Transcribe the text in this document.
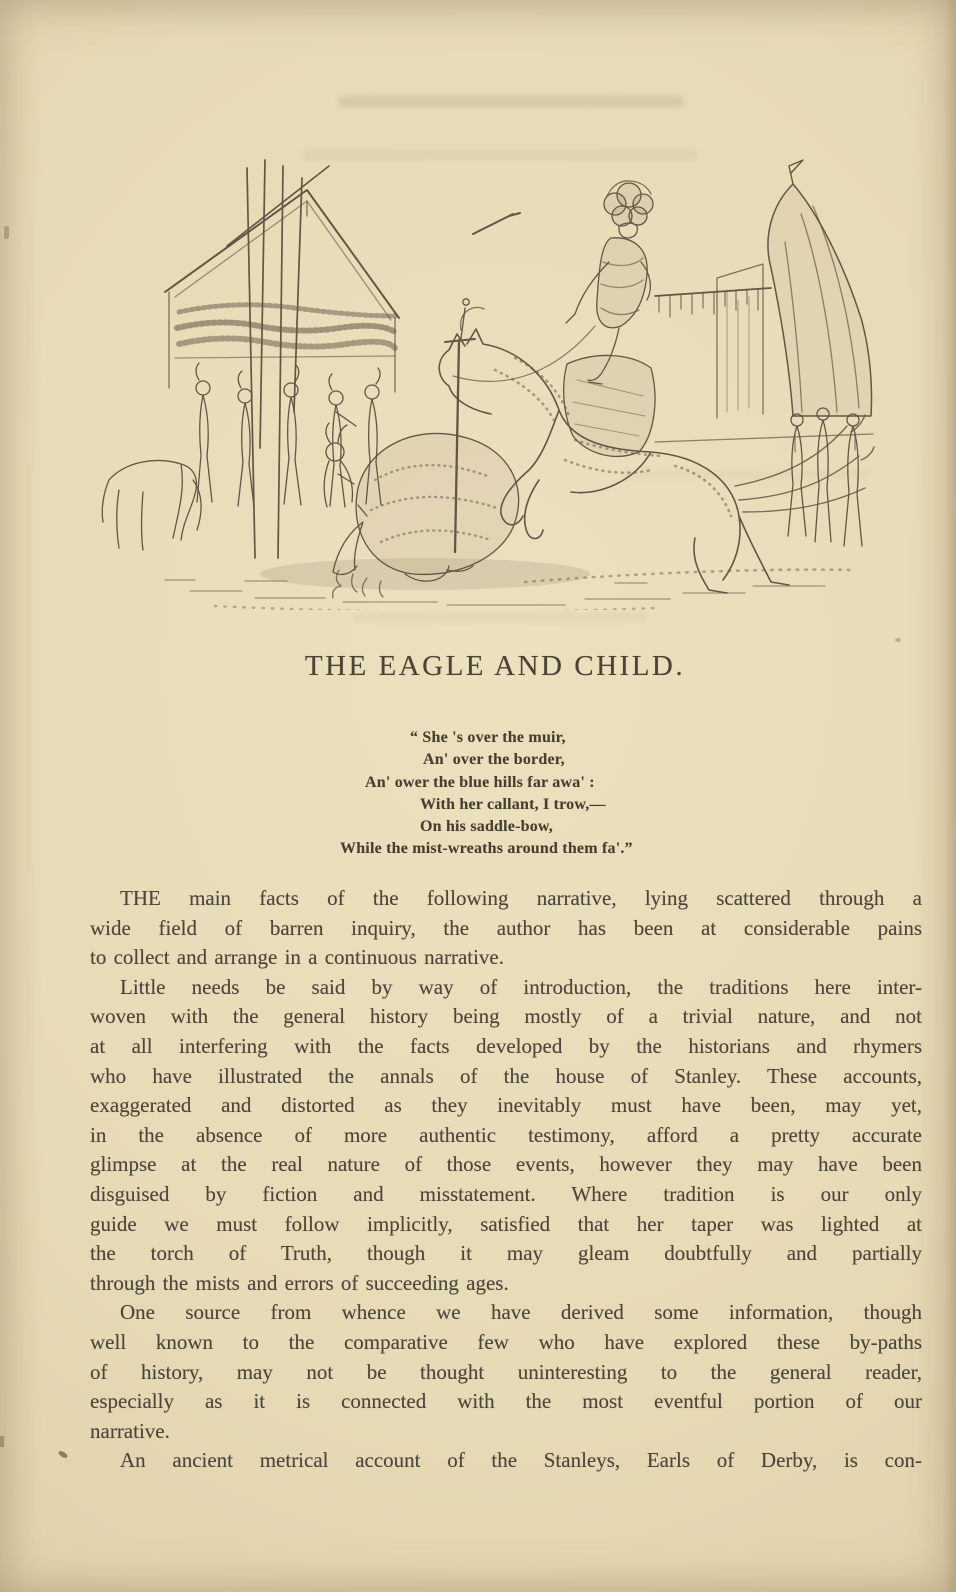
THE EAGLE AND CHILD.
“ She 's over the muir,
An' over the border,
An' ower the blue hills far awa' :
With her callant, I trow,—
On his saddle-bow,
While the mist-wreaths around them fa'.”
THE main facts of the following narrative, lying scattered through a
wide field of barren inquiry, the author has been at considerable pains
to collect and arrange in a continuous narrative.
Little needs be said by way of introduction, the traditions here inter-
woven with the general history being mostly of a trivial nature, and not
at all interfering with the facts developed by the historians and rhymers
who have illustrated the annals of the house of Stanley. These accounts,
exaggerated and distorted as they inevitably must have been, may yet,
in the absence of more authentic testimony, afford a pretty accurate
glimpse at the real nature of those events, however they may have been
disguised by fiction and misstatement. Where tradition is our only
guide we must follow implicitly, satisfied that her taper was lighted at
the torch of Truth, though it may gleam doubtfully and partially
through the mists and errors of succeeding ages.
One source from whence we have derived some information, though
well known to the comparative few who have explored these by-paths
of history, may not be thought uninteresting to the general reader,
especially as it is connected with the most eventful portion of our
narrative.
An ancient metrical account of the Stanleys, Earls of Derby, is con-
